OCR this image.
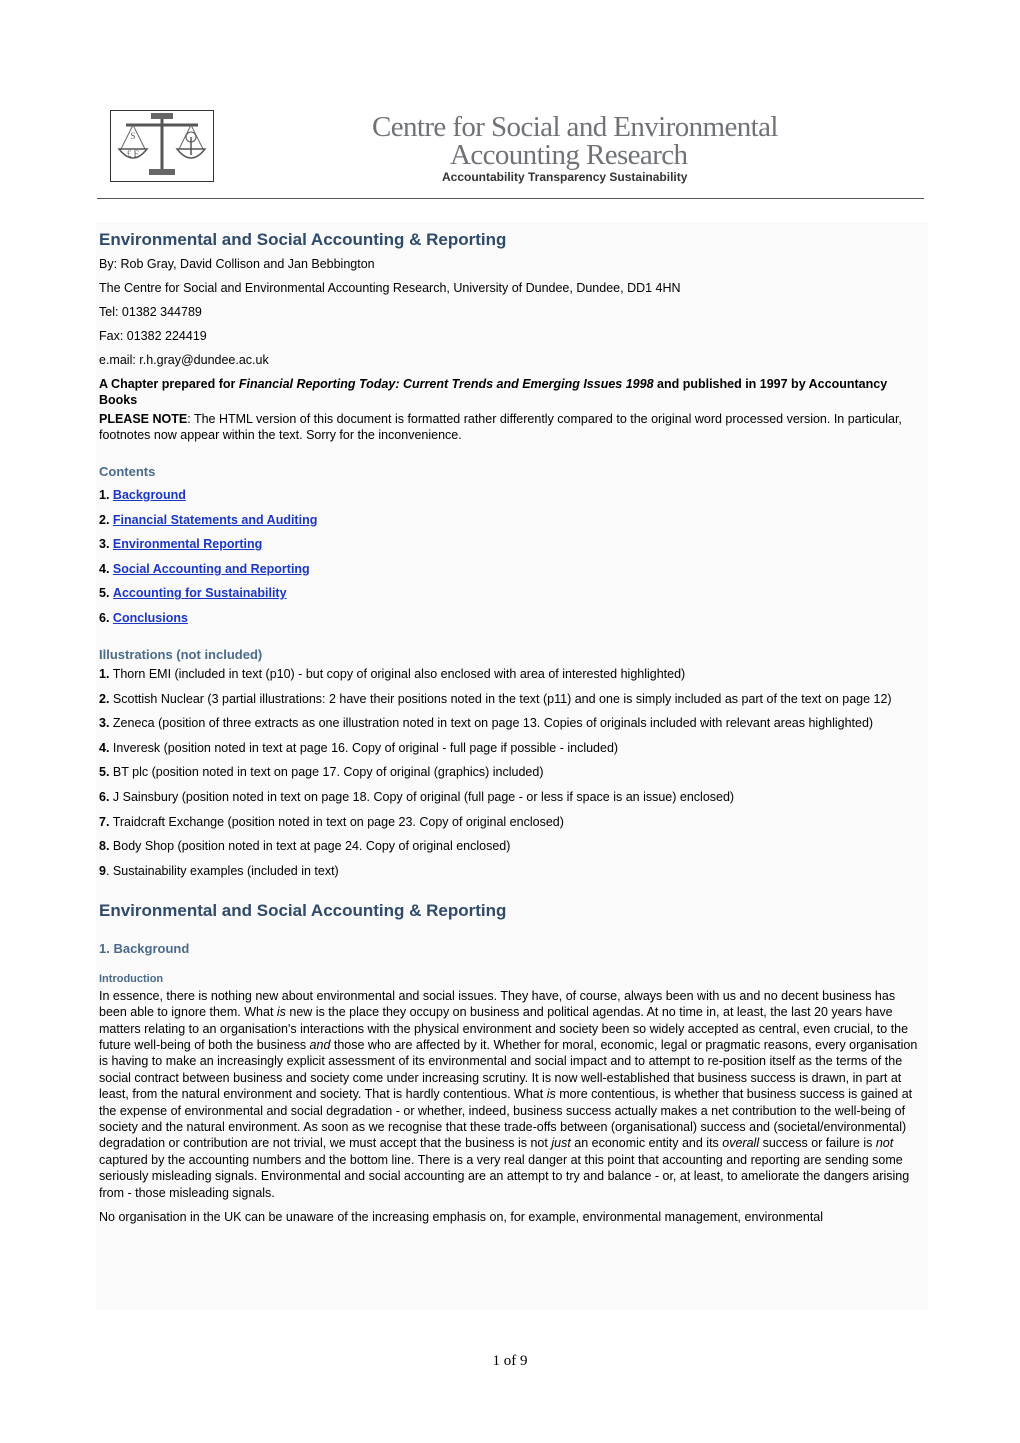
S
£ E
Centre for Social and Environmental
Accounting Research
Accountability Transparency Sustainability
Environmental and Social Accounting & Reporting

By: Rob Gray, David Collison and Jan Bebbington

The Centre for Social and Environmental Accounting Research, University of Dundee, Dundee, DD1 4HN

Tel: 01382 344789

Fax: 01382 224419

e.mail: r.h.gray@dundee.ac.uk

A Chapter prepared for Financial Reporting Today: Current Trends and Emerging Issues 1998 and published in 1997 by Accountancy Books

PLEASE NOTE: The HTML version of this document is formatted rather differently compared to the original word processed version. In particular, footnotes now appear within the text. Sorry for the inconvenience.

Contents
1. Background
2. Financial Statements and Auditing
3. Environmental Reporting
4. Social Accounting and Reporting
5. Accounting for Sustainability
6. Conclusions
Illustrations (not included)
1. Thorn EMI (included in text (p10) - but copy of original also enclosed with area of interested highlighted)
2. Scottish Nuclear (3 partial illustrations: 2 have their positions noted in the text (p11) and one is simply included as part of the text on page 12)
3. Zeneca (position of three extracts as one illustration noted in text on page 13. Copies of originals included with relevant areas highlighted)
4. Inveresk (position noted in text at page 16. Copy of original - full page if possible - included)
5. BT plc (position noted in text on page 17. Copy of original (graphics) included)
6. J Sainsbury (position noted in text on page 18. Copy of original (full page - or less if space is an issue) enclosed)
7. Traidcraft Exchange (position noted in text on page 23. Copy of original enclosed)
8. Body Shop (position noted in text at page 24. Copy of original enclosed)
9. Sustainability examples (included in text)
Environmental and Social Accounting & Reporting
1. Background
Introduction

In essence, there is nothing new about environmental and social issues. They have, of course, always been with us and no decent business has been able to ignore them. What is new is the place they occupy on business and political agendas. At no time in, at least, the last 20 years have matters relating to an organisation's interactions with the physical environment and society been so widely accepted as central, even crucial, to the future well-being of both the business and those who are affected by it. Whether for moral, economic, legal or pragmatic reasons, every organisation is having to make an increasingly explicit assessment of its environmental and social impact and to attempt to re-position itself as the terms of the social contract between business and society come under increasing scrutiny. It is now well-established that business success is drawn, in part at least, from the natural environment and society. That is hardly contentious. What is more contentious, is whether that business success is gained at the expense of environmental and social degradation - or whether, indeed, business success actually makes a net contribution to the well-being of society and the natural environment. As soon as we recognise that these trade-offs between (organisational) success and (societal/environmental) degradation or contribution are not trivial, we must accept that the business is not just an economic entity and its overall success or failure is not captured by the accounting numbers and the bottom line. There is a very real danger at this point that accounting and reporting are sending some seriously misleading signals. Environmental and social accounting are an attempt to try and balance - or, at least, to ameliorate the dangers arising from - those misleading signals.

No organisation in the UK can be unaware of the increasing emphasis on, for example, environmental management, environmental

1 of 9
